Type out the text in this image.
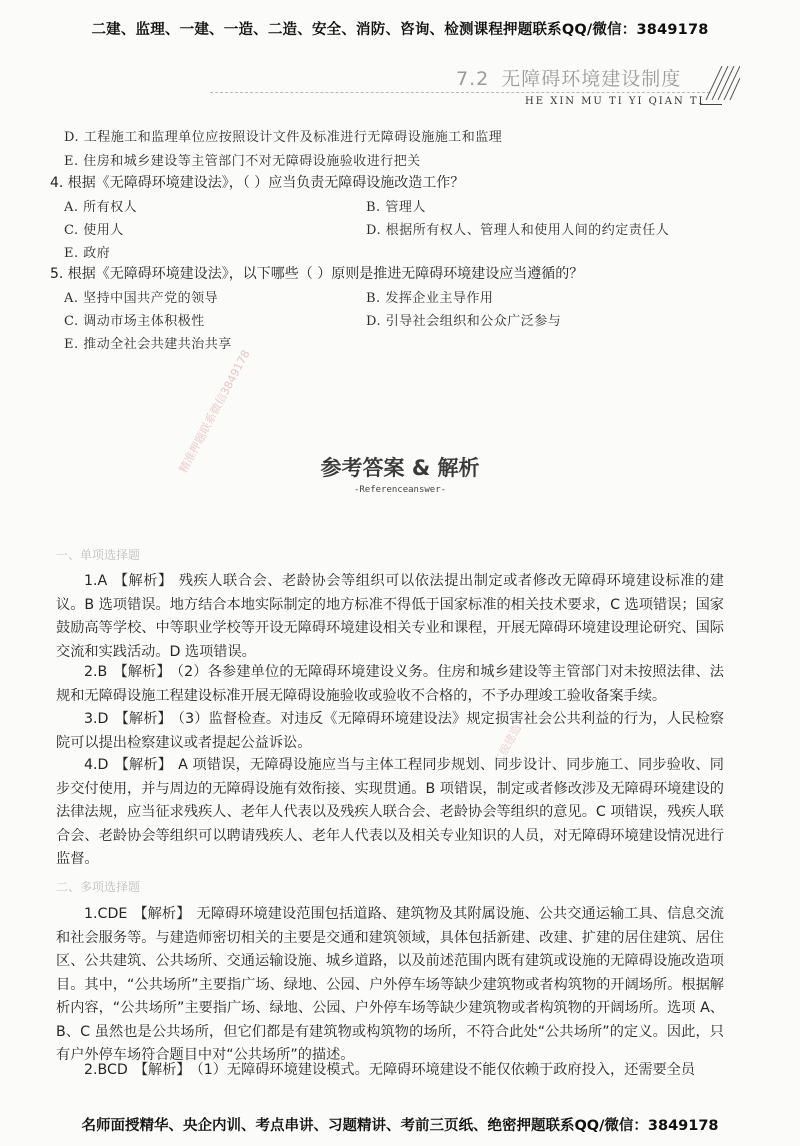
二建、监理、一建、一造、二造、安全、消防、咨询、检测课程押题联系QQ/微信：3849178
7.2 无障碍环境建设制度
HE XIN MU TI YI QIAN TI
D. 工程施工和监理单位应按照设计文件及标准进行无障碍设施施工和监理
E. 住房和城乡建设等主管部门不对无障碍设施验收进行把关
4. 根据《无障碍环境建设法》，（ ）应当负责无障碍设施改造工作？
A. 所有权人	B. 管理人
C. 使用人	D. 根据所有权人、管理人和使用人间的约定责任人
E. 政府
5. 根据《无障碍环境建设法》，以下哪些（ ）原则是推进无障碍环境建设应当遵循的？
A. 坚持中国共产党的领导	B. 发挥企业主导作用
C. 调动市场主体积极性	D. 引导社会组织和公众广泛参与
E. 推动全社会共建共治共享
精准押题联系微信3849178
二级建造
参考答案 & 解析
-Referenceanswer-
一、单项选择题

1.A 【解析】 残疾人联合会、老龄协会等组织可以依法提出制定或者修改无障碍环境建设标准的建议。B 选项错误。地方结合本地实际制定的地方标准不得低于国家标准的相关技术要求，C 选项错误；国家鼓励高等学校、中等职业学校等开设无障碍环境建设相关专业和课程，开展无障碍环境建设理论研究、国际交流和实践活动。D 选项错误。

2.B 【解析】 （2）各参建单位的无障碍环境建设义务。住房和城乡建设等主管部门对未按照法律、法规和无障碍设施工程建设标准开展无障碍设施验收或验收不合格的，不予办理竣工验收备案手续。

3.D 【解析】 （3）监督检查。对违反《无障碍环境建设法》规定损害社会公共利益的行为，人民检察院可以提出检察建议或者提起公益诉讼。

4.D 【解析】 A 项错误，无障碍设施应当与主体工程同步规划、同步设计、同步施工、同步验收、同步交付使用，并与周边的无障碍设施有效衔接、实现贯通。B 项错误，制定或者修改涉及无障碍环境建设的法律法规，应当征求残疾人、老年人代表以及残疾人联合会、老龄协会等组织的意见。C 项错误，残疾人联合会、老龄协会等组织可以聘请残疾人、老年人代表以及相关专业知识的人员，对无障碍环境建设情况进行监督。

二、多项选择题

1.CDE 【解析】 无障碍环境建设范围包括道路、建筑物及其附属设施、公共交通运输工具、信息交流和社会服务等。与建造师密切相关的主要是交通和建筑领域，具体包括新建、改建、扩建的居住建筑、居住区、公共建筑、公共场所、交通运输设施、城乡道路，以及前述范围内既有建筑或设施的无障碍设施改造项目。其中，“公共场所”主要指广场、绿地、公园、户外停车场等缺少建筑物或者构筑物的开阔场所。根据解析内容，“公共场所”主要指广场、绿地、公园、户外停车场等缺少建筑物或者构筑物的开阔场所。选项 A、B、C 虽然也是公共场所，但它们都是有建筑物或构筑物的场所，不符合此处“公共场所”的定义。因此，只有户外停车场符合题目中对“公共场所”的描述。

2.BCD 【解析】 （1）无障碍环境建设模式。无障碍环境建设不能仅依赖于政府投入，还需要全员

名师面授精华、央企内训、考点串讲、习题精讲、考前三页纸、绝密押题联系QQ/微信：3849178
